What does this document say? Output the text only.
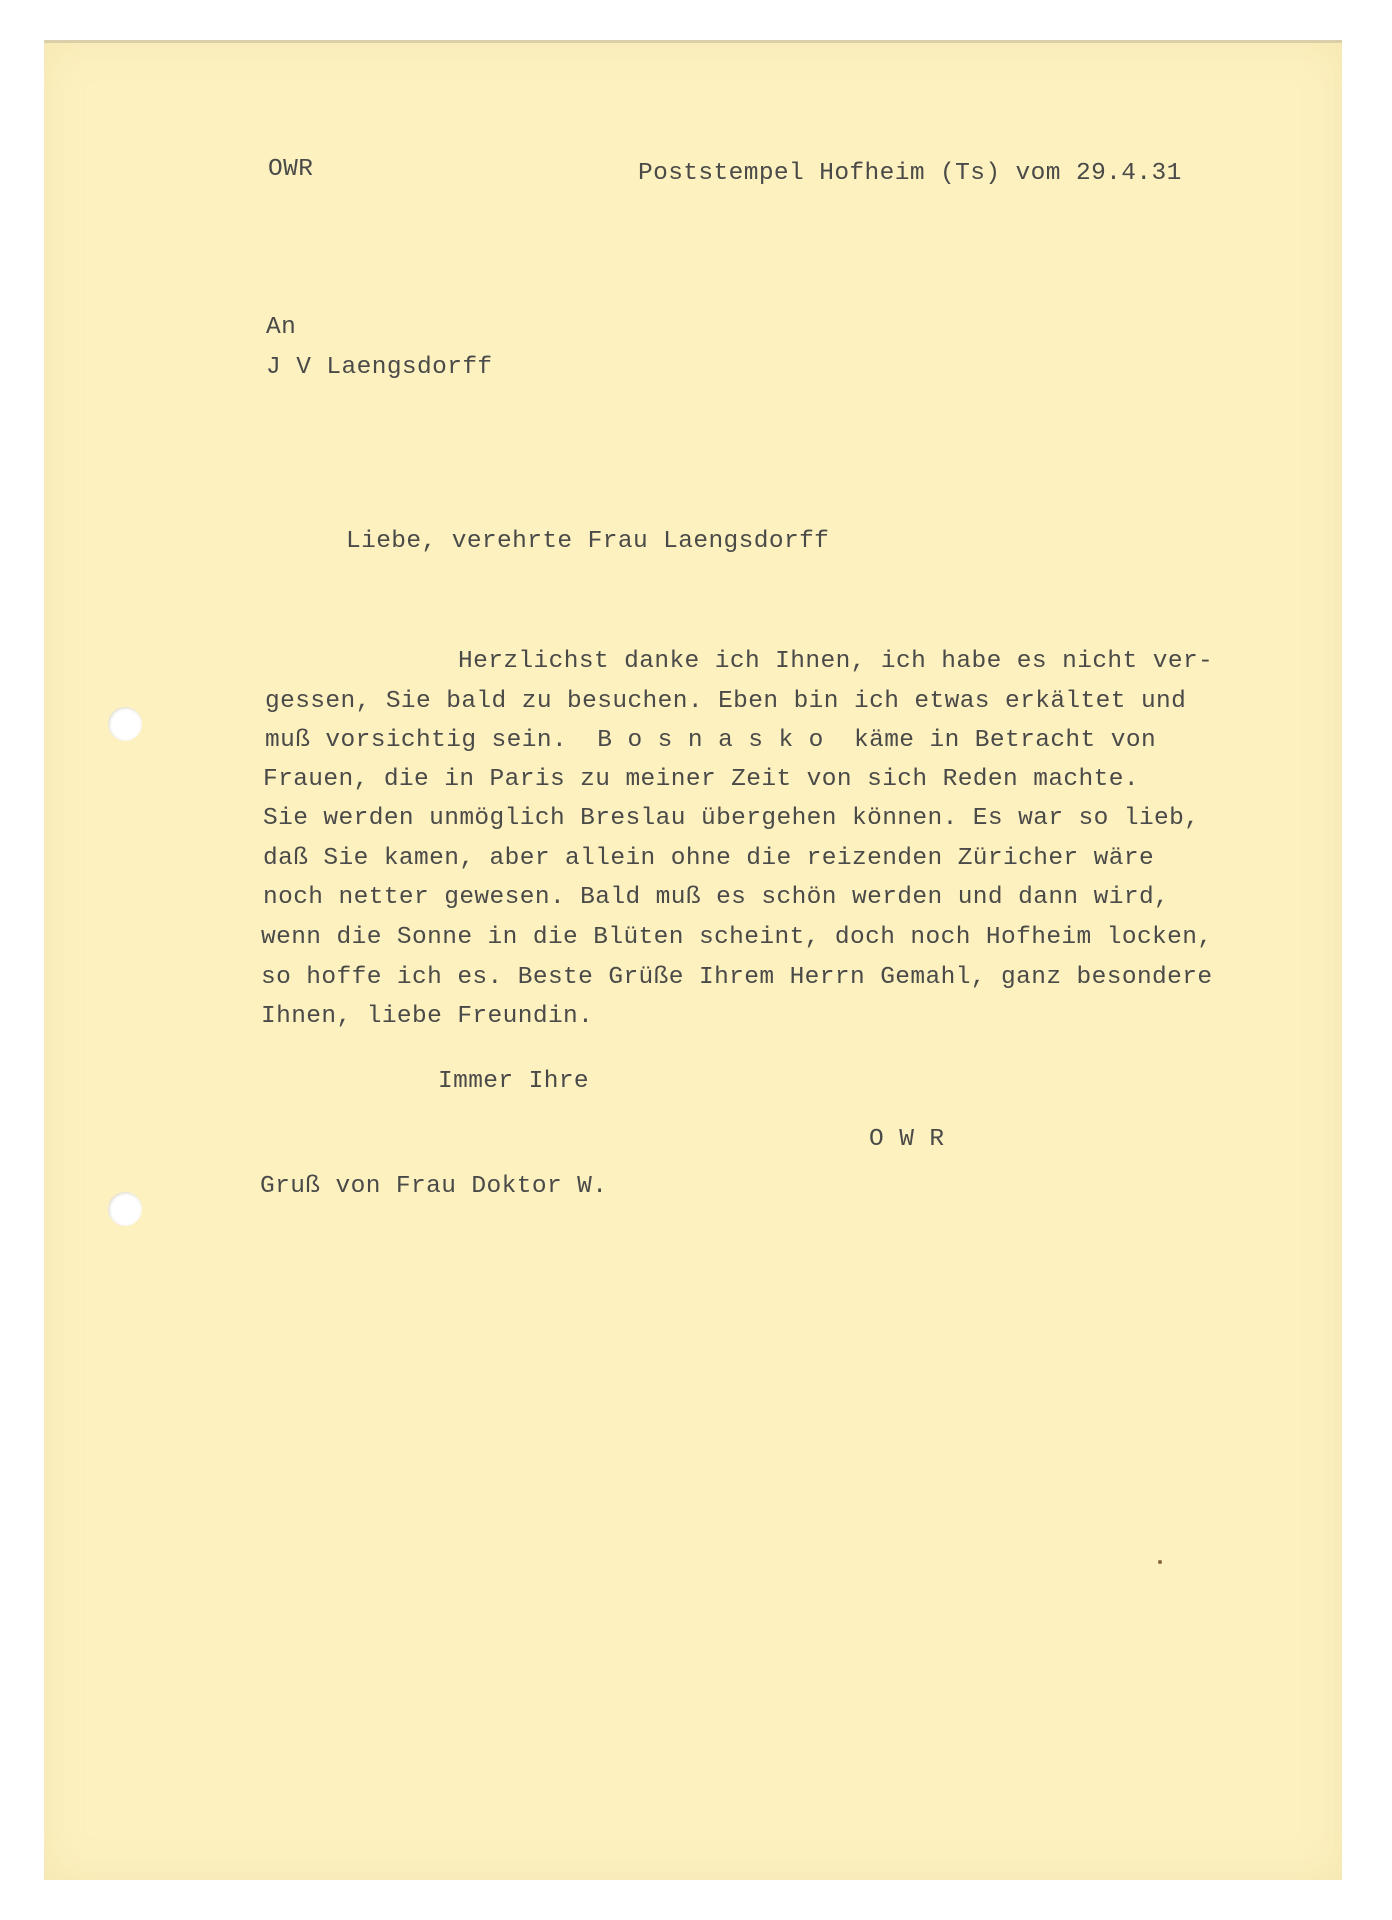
OWR	Poststempel Hofheim (Ts) vom 29.4.31
An
J V Laengsdorff
Liebe, verehrte Frau Laengsdorff
Herzlichst danke ich Ihnen, ich habe es nicht ver-
gessen, Sie bald zu besuchen. Eben bin ich etwas erkältet und
muß vorsichtig sein.  B o s n a s k o  käme in Betracht von
Frauen, die in Paris zu meiner Zeit von sich Reden machte.
Sie werden unmöglich Breslau übergehen können. Es war so lieb,
daß Sie kamen, aber allein ohne die reizenden Züricher wäre
noch netter gewesen. Bald muß es schön werden und dann wird,
wenn die Sonne in die Blüten scheint, doch noch Hofheim locken,
so hoffe ich es. Beste Grüße Ihrem Herrn Gemahl, ganz besondere
Ihnen, liebe Freundin.
Immer Ihre
O W R
Gruß von Frau Doktor W.
